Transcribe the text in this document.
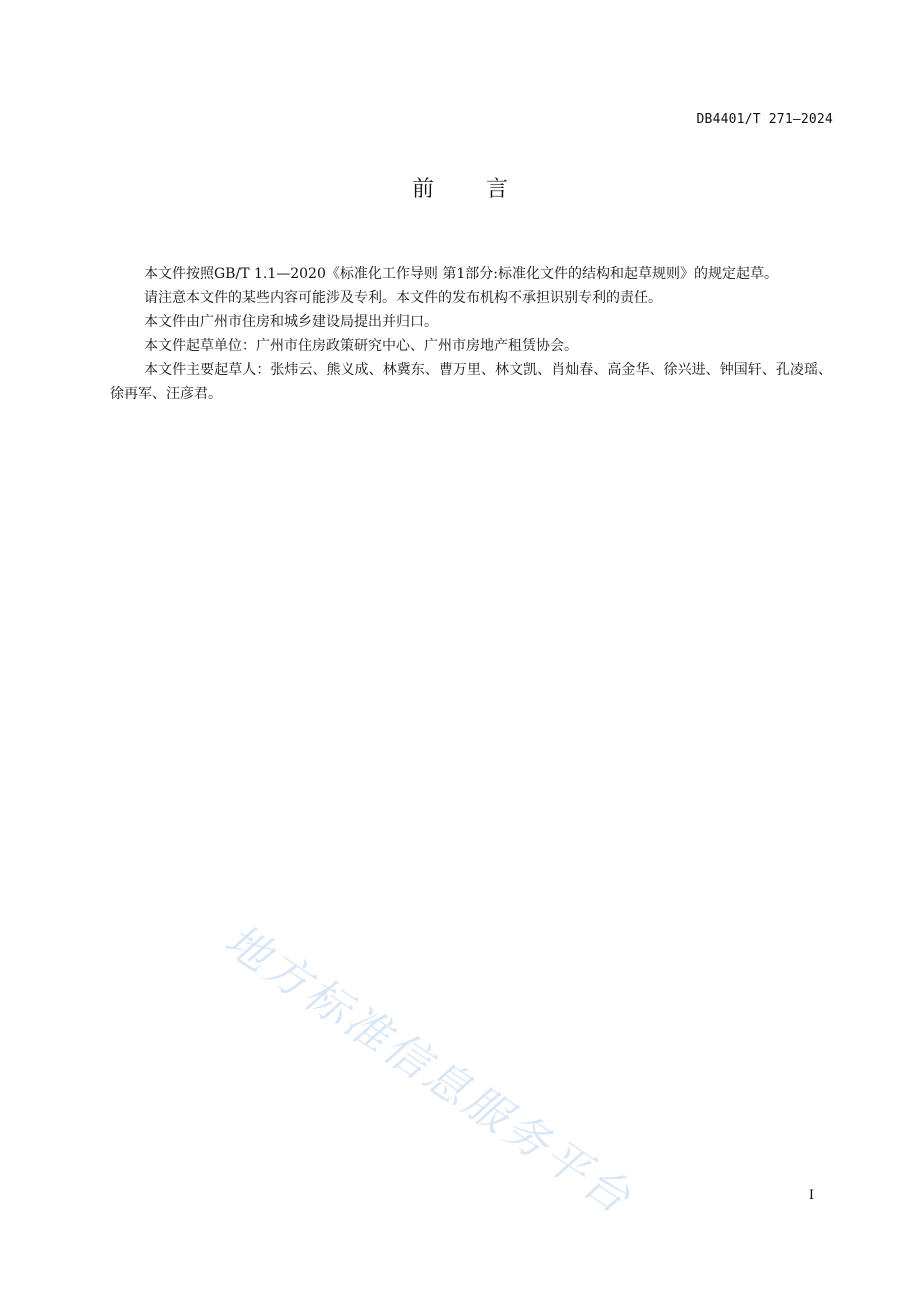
DB4401/T 271—2024
前言

本文件按照GB/T 1.1—2020《标准化工作导则 第1部分:标准化文件的结构和起草规则》的规定起草。

请注意本文件的某些内容可能涉及专利。本文件的发布机构不承担识别专利的责任。

本文件由广州市住房和城乡建设局提出并归口。

本文件起草单位：广州市住房政策研究中心、广州市房地产租赁协会。

本文件主要起草人：张炜云、熊义成、林冀东、曹万里、林文凯、肖灿春、高金华、徐兴进、钟国轩、孔凌瑶、徐再军、汪彦君。

地方标准信息服务平台	I
